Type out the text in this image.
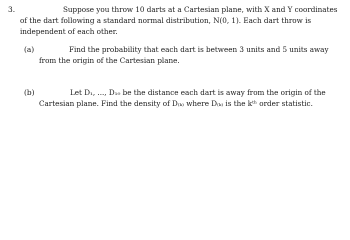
3.	Suppose you throw 10 darts at a Cartesian plane, with X and Y coordinates
of the dart following a standard normal distribution, N(0, 1). Each dart throw is
independent of each other.
(a)	Find the probability that each dart is between 3 units and 5 units away
from the origin of the Cartesian plane.
(b)	Let D₁, ..., D₁₀ be the distance each dart is away from the origin of the
Cartesian plane. Find the density of D₍ₖ₎ where D₍ₖ₎ is the kᵗʰ order statistic.
